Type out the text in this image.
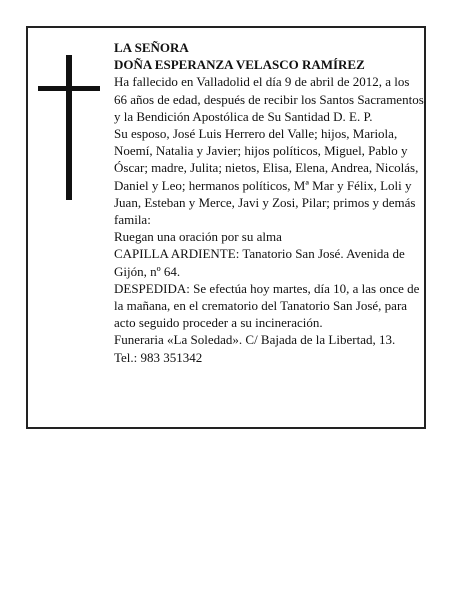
LA SEÑORA

DOÑA ESPERANZA VELASCO RAMÍREZ

Ha fallecido en Valladolid el día 9 de abril de 2012, a los 66 años de edad, después de recibir los Santos Sacramentos y la Bendición Apostólica de Su Santidad D. E. P.

Su esposo, José Luis Herrero del Valle; hijos, Mariola, Noemí, Natalia y Javier; hijos políticos, Miguel, Pablo y Óscar; madre, Julita; nietos, Elisa, Elena, Andrea, Nicolás, Daniel y Leo; hermanos políticos, Mª Mar y Félix, Loli y Juan, Esteban y Merce, Javi y Zosi, Pilar; primos y demás famila:

Ruegan una oración por su alma

CAPILLA ARDIENTE: Tanatorio San José. Avenida de Gijón, nº 64.

DESPEDIDA: Se efectúa hoy martes, día 10, a las once de la mañana, en el crematorio del Tanatorio San José, para acto seguido proceder a su incineración.

Funeraria «La Soledad». C/ Bajada de la Libertad, 13.

Tel.: 983 351342
